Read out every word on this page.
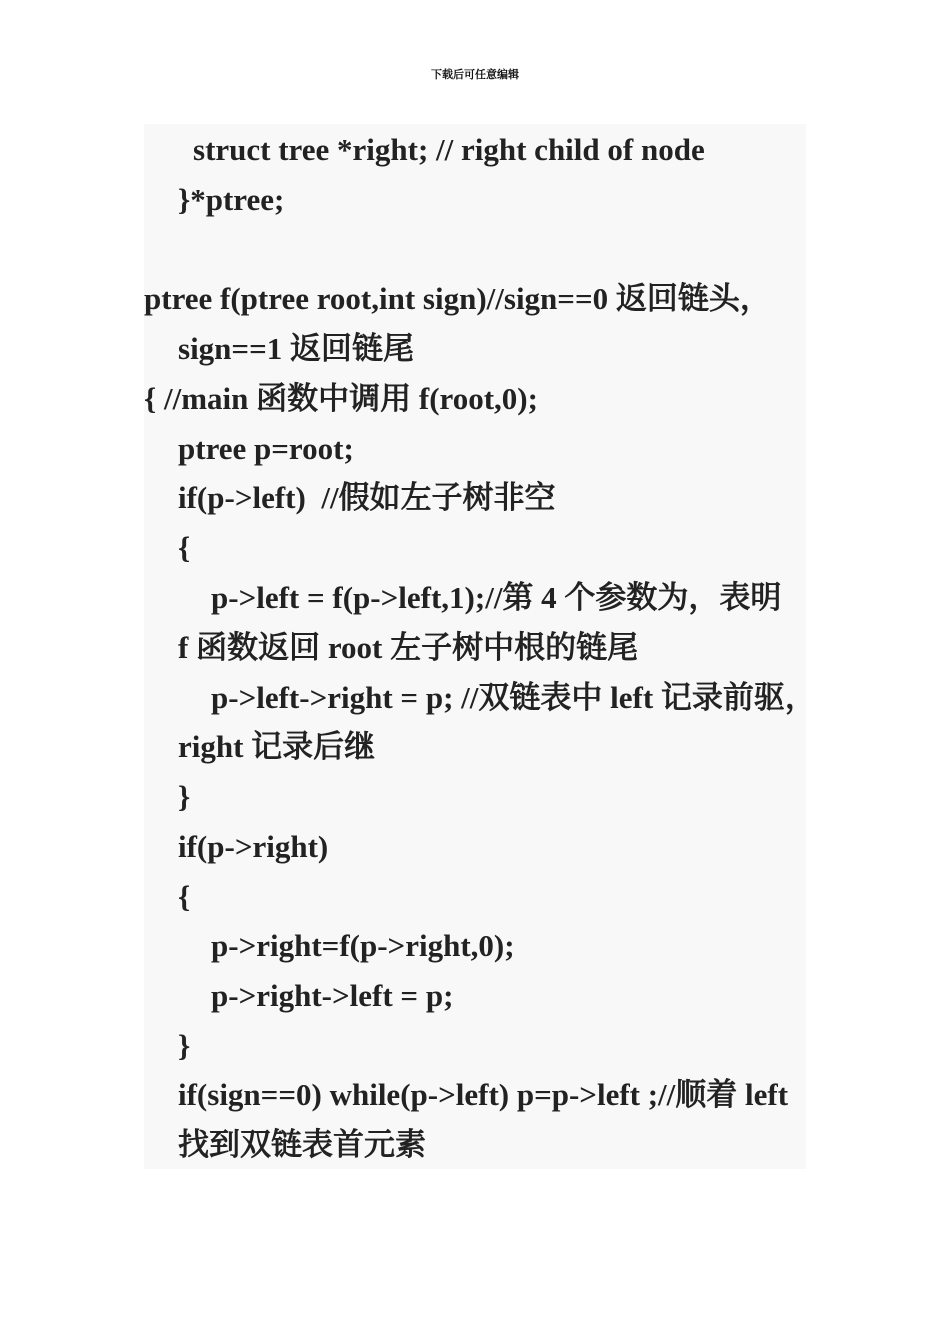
下载后可任意编辑
struct tree *right; // right child of node
}*ptree;
ptree f(ptree root,int sign)//sign==0 返回链头，
sign==1 返回链尾
{ //main 函数中调用 f(root,0);
ptree p=root;
if(p->left)  //假如左子树非空
{
p->left = f(p->left,1);//第 4 个参数为，表明
f 函数返回 root 左子树中根的链尾
p->left->right = p; //双链表中 left 记录前驱，
right 记录后继
}
if(p->right)
{
p->right=f(p->right,0);
p->right->left = p;
}
if(sign==0) while(p->left) p=p->left ;//顺着 left
找到双链表首元素
